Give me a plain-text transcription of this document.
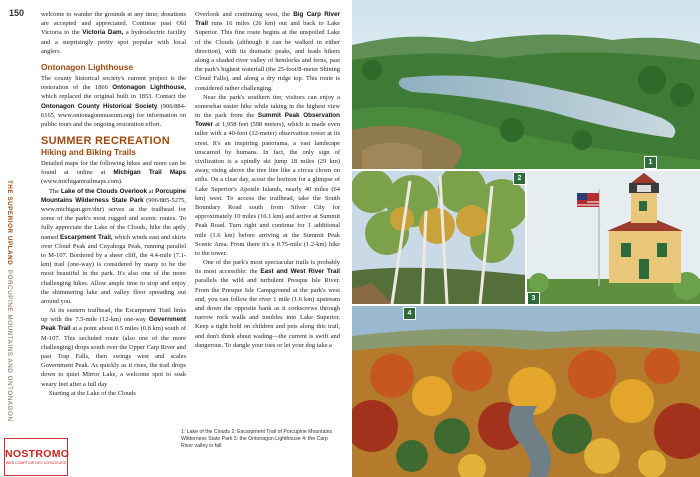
150
THE SUPERIOR UPLAND  PORCUPINE MOUNTAINS AND ONTONAGON

welcome to wander the grounds at any time; donations are accepted and appreciated. Continue past Old Victoria to the Victoria Dam, a hydroelectric facility and a surprisingly pretty spot popular with local anglers.

Ontonagon Lighthouse

The county historical society's current project is the restoration of the 1866 Ontonagon Lighthouse, which replaced the original built in 1853. Contact the Ontonagon County Historical Society (906/884-6165, www.ontonagonmuseum.org) for information on public tours and the ongoing restoration effort.

SUMMER RECREATION
Hiking and Biking Trails

Detailed maps for the following hikes and more can be found at online at Michigan Trail Maps (www.michigantrailmaps.com).

The Lake of the Clouds Overlook at Porcupine Mountains Wilderness State Park (906/885-5275, www.michigan.gov/dnr) serves as the trailhead for some of the park's most rugged and scenic routes. To fully appreciate the Lake of the Clouds, hike the aptly named Escarpment Trail, which winds east and skirts over Cloud Peak and Cuyahoga Peak, running parallel to M-107. Bordered by a sheer cliff, the 4.4-mile (7.1-km) trail (one-way) is considered by many to be the most beautiful in the park. It's also one of the more challenging hikes. Allow ample time to stop and enjoy the shimmering lake and valley floor spreading out around you.

At its eastern trailhead, the Escarpment Trail links up with the 7.5-mile (12-km) one-way Government Peak Trail at a point about 0.5 miles (0.8 km) south of M-107. This secluded route (also one of the more challenging) drops south over the Upper Carp River and past Trap Falls, then swings west and scales Government Peak. As quickly as it rises, the trail drops down to quiet Mirror Lake, a welcome spot to soak weary feet after a full day

Starting at the Lake of the Clouds

Overlook and continuing west, the Big Carp River Trail runs 16 miles (26 km) out and back to Lake Superior. This fine route begins at the unspoiled Lake of the Clouds (although it can be walked in either direction), with its dramatic peaks, and leads hikers along a shaded river valley of hemlocks and ferns, past the park's highest waterfall (the 25-foot/8-meter Shining Cloud Falls), and along a dry ridge top. This route is considered rather challenging.

Near the park's southern tier, visitors can enjoy a somewhat easier hike while taking in the highest view in the park from the Summit Peak Observation Tower at 1,958 feet (598 meters), which is made even taller with a 40-foot (12-meter) observation tower at its crest. It's an inspiring panorama, a vast landscape unscarred by humans. In fact, the only sign of civilization is a spindly ski jump 18 miles (29 km) away, rising above the tree line like a circus clown on stilts. On a clear day, scour the horizon for a glimpse of Lake Superior's Apostle Islands, nearly 40 miles (64 km) west. To access the trailhead, take the South Boundary Road south from Silver City for approximately 10 miles (16.1 km) and arrive at Summit Peak Road. Turn right and continue for 1 additional mile (1.6 km) before arriving at the Summit Peak Scenic Area. From there it's a 0.75-mile (1.2-km) hike to the tower.

One of the park's most spectacular trails is probably its most accessible: the East and West River Trail parallels the wild and turbulent Presque Isle River. From the Presque Isle Campground at the park's west end, you can follow the river 1 mile (1.6 km) upstream and down the opposite bank as it corkscrews through narrow rock walls and tumbles into Lake Superior. Keep a tight hold on children and pets along this trail, and don't think about wading—the current is swift and dangerous. To dangle your toes or let your dog take a

1: Lake of the Clouds 2: Escarpment Trail of Porcupine Mountains Wilderness State Park 3: the Ontonagon Lighthouse 4: the Carp River valley in fall
1
2
3
4
NOSTROMO
WEB COMPTOIR DES VOYAGEURS
